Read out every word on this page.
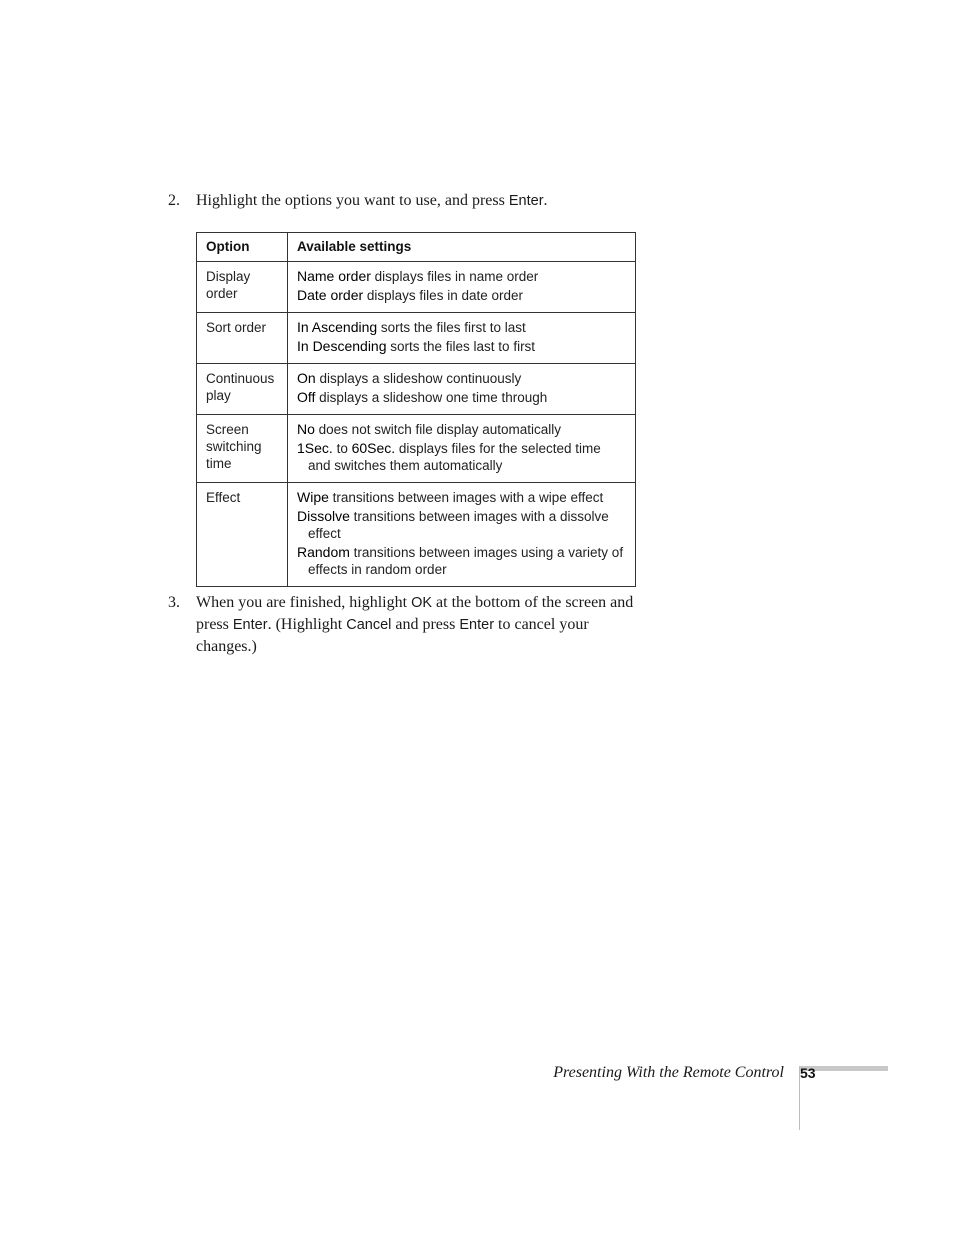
2. Highlight the options you want to use, and press Enter.
Option	Available settings
Display order	Name order displays files in name order
Date order displays files in date order

Sort order	In Ascending sorts the files first to last
In Descending sorts the files last to first

Continuous play	On displays a slideshow continuously
Off displays a slideshow one time through

Screen switching time	No does not switch file display automatically
1Sec. to 60Sec. displays files for the selected time and switches them automatically

Effect	Wipe transitions between images with a wipe effect
Dissolve transitions between images with a dissolve effect
Random transitions between images using a variety of effects in random order
3. When you are finished, highlight OK at the bottom of the screen and press Enter. (Highlight Cancel and press Enter to cancel your changes.)
Presenting With the Remote Control 53
